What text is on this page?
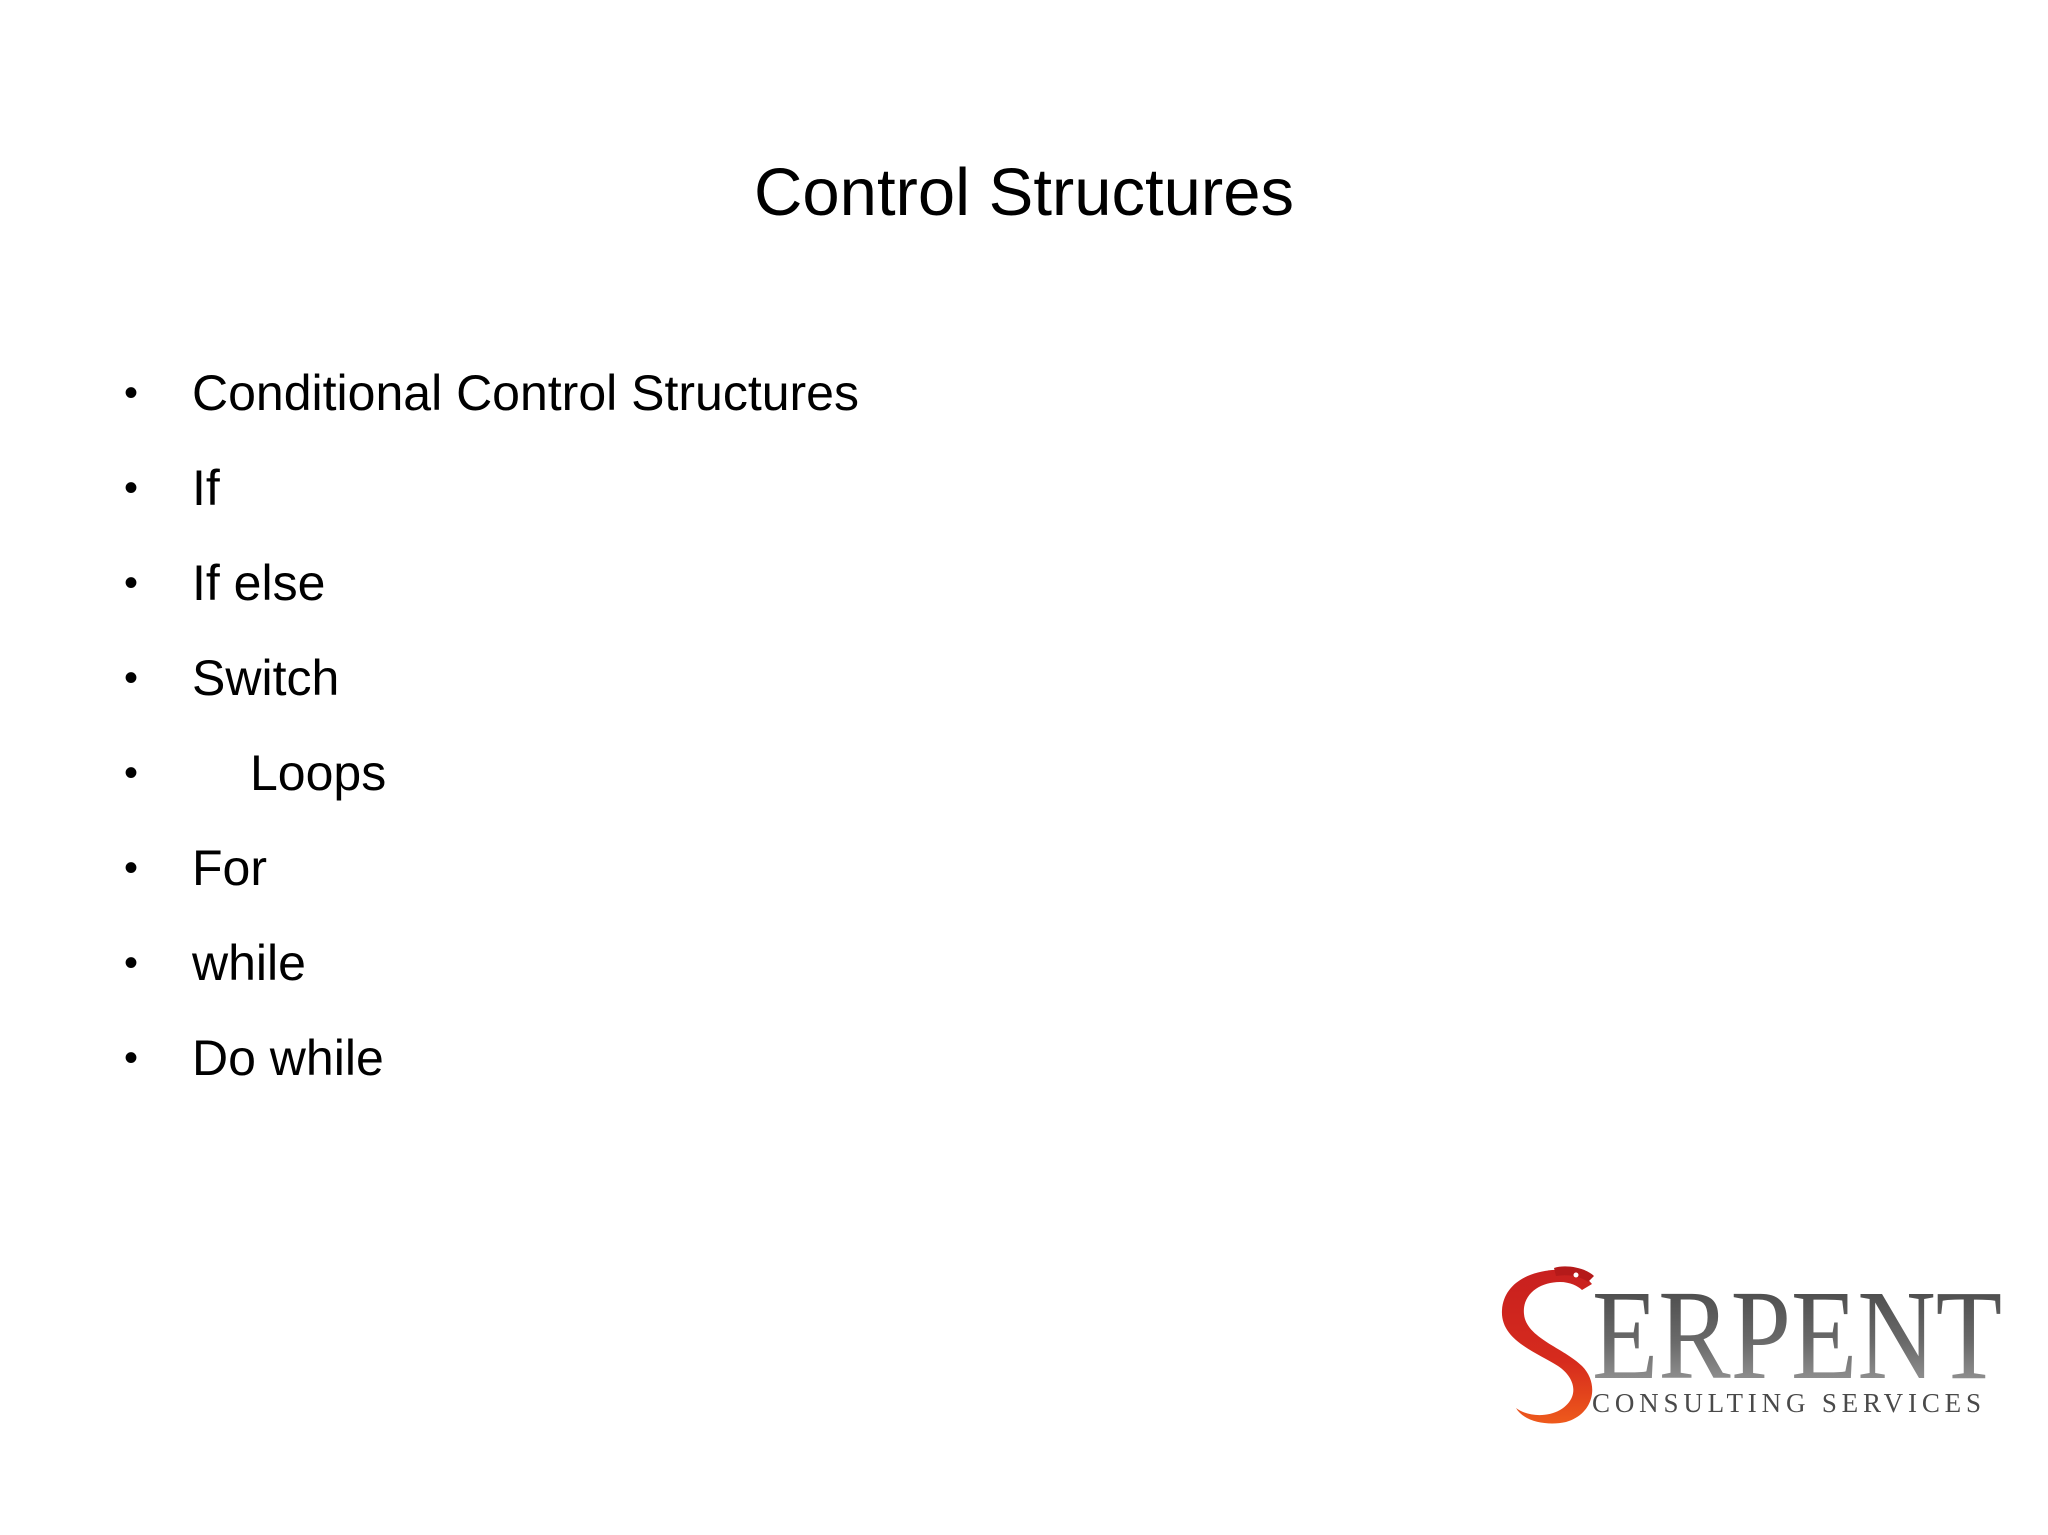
Control Structures
• Conditional Control Structures
• If
• If else
• Switch
• Loops
• For
• while
• Do while
ERPENT
CONSULTING SERVICES
